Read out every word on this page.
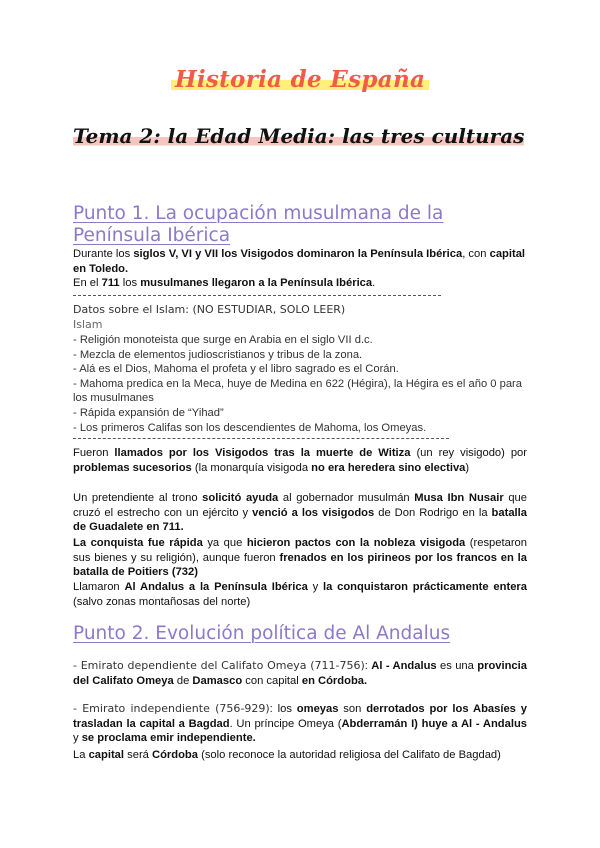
Historia de España
Tema 2: la Edad Media: las tres culturas
Punto 1. La ocupación musulmana de la Península Ibérica
Durante los siglos V, VI y VII los Visigodos dominaron la Península Ibérica, con capital en Toledo.
En el 711 los musulmanes llegaron a la Península Ibérica.
Datos sobre el Islam: (NO ESTUDIAR, SOLO LEER)
Islam
- Religión monoteista que surge en Arabia en el siglo VII d.c.
- Mezcla de elementos judioscristianos y tribus de la zona.
- Alá es el Dios, Mahoma el profeta y el libro sagrado es el Corán.
- Mahoma predica en la Meca, huye de Medina en 622 (Hégira), la Hégira es el año 0 para los musulmanes
- Rápida expansión de “Yihad”
- Los primeros Califas son los descendientes de Mahoma, los Omeyas.
Fueron llamados por los Visigodos tras la muerte de Witiza (un rey visigodo) por problemas sucesorios (la monarquía visigoda no era heredera sino electiva)
Un pretendiente al trono solicitó ayuda al gobernador musulmán Musa Ibn Nusair que cruzó el estrecho con un ejército y venció a los visigodos de Don Rodrigo en la batalla de Guadalete en 711.
La conquista fue rápida ya que hicieron pactos con la nobleza visigoda (respetaron sus bienes y su religión), aunque fueron frenados en los pirineos por los francos en la batalla de Poitiers (732)
Llamaron Al Andalus a la Península Ibérica y la conquistaron prácticamente entera (salvo zonas montañosas del norte)
Punto 2. Evolución política de Al Andalus
- Emirato dependiente del Califato Omeya (711-756): Al - Andalus es una provincia del Califato Omeya de Damasco con capital en Córdoba.
- Emirato independiente (756-929): los omeyas son derrotados por los Abasíes y trasladan la capital a Bagdad. Un príncipe Omeya (Abderramán I) huye a Al - Andalus y se proclama emir independiente.
La capital será Córdoba (solo reconoce la autoridad religiosa del Califato de Bagdad)
